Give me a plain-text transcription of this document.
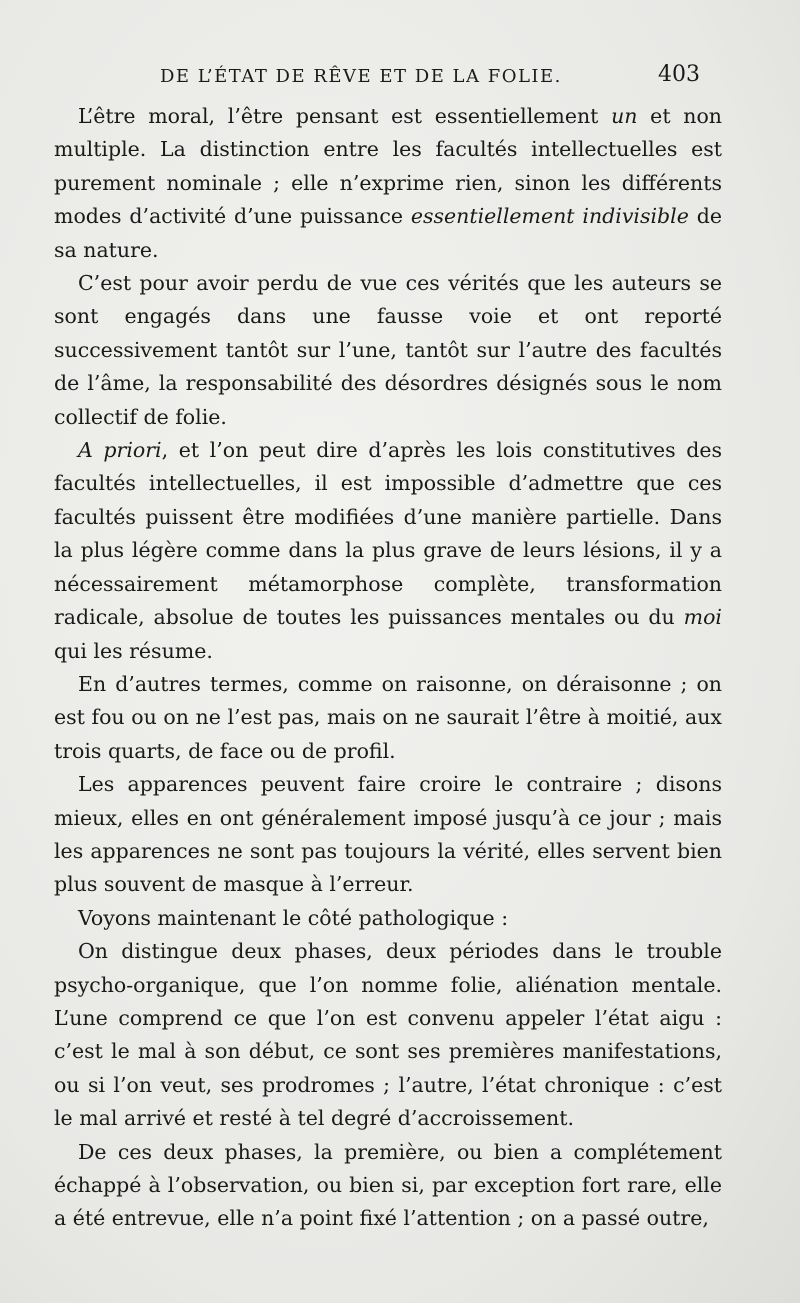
DE L’ÉTAT DE RÊVE ET DE LA FOLIE.	403

L’être moral, l’être pensant est essentiellement un et non multiple. La distinction entre les facultés intellectuelles est purement nominale ; elle n’exprime rien, sinon les différents modes d’activité d’une puissance essentiellement indivisible de sa nature.

C’est pour avoir perdu de vue ces vérités que les auteurs se sont engagés dans une fausse voie et ont reporté successivement tantôt sur l’une, tantôt sur l’autre des facultés de l’âme, la responsabilité des désordres désignés sous le nom collectif de folie.

A priori, et l’on peut dire d’après les lois constitutives des facultés intellectuelles, il est impossible d’admettre que ces facultés puissent être modifiées d’une manière partielle. Dans la plus légère comme dans la plus grave de leurs lésions, il y a nécessairement métamorphose complète, transformation radicale, absolue de toutes les puissances mentales ou du moi qui les résume.

En d’autres termes, comme on raisonne, on déraisonne ; on est fou ou on ne l’est pas, mais on ne saurait l’être à moitié, aux trois quarts, de face ou de profil.

Les apparences peuvent faire croire le contraire ; disons mieux, elles en ont généralement imposé jusqu’à ce jour ; mais les apparences ne sont pas toujours la vérité, elles servent bien plus souvent de masque à l’erreur.

Voyons maintenant le côté pathologique :

On distingue deux phases, deux périodes dans le trouble psycho-organique, que l’on nomme folie, aliénation mentale. L’une comprend ce que l’on est convenu appeler l’état aigu : c’est le mal à son début, ce sont ses premières manifestations, ou si l’on veut, ses prodromes ; l’autre, l’état chronique : c’est le mal arrivé et resté à tel degré d’accroissement.

De ces deux phases, la première, ou bien a complétement échappé à l’observation, ou bien si, par exception fort rare, elle a été entrevue, elle n’a point fixé l’attention ; on a passé outre,
